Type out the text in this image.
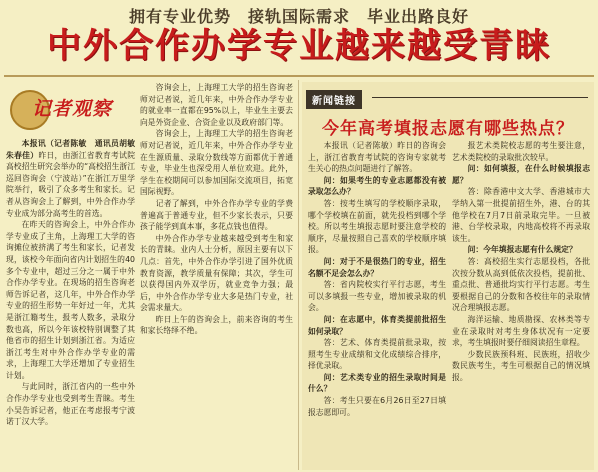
拥有专业优势　接轨国际需求　毕业出路良好
中外合作办学专业越来越受青睐
记者观察

本报讯（记者陈敏　通讯员胡敏 朱春佳）昨日，由浙江省教育考试院高校招生研究会举办的“高校招生浙江巡回咨询会（宁波站）”在浙江万里学院举行，吸引了众多考生和家长。记者从咨询会上了解到，中外合作办学专业成为部分高考生的首选。

在昨天的咨询会上，中外合作办学专业成了主角，上海理工大学的咨询摊位被挤满了考生和家长，记者发现，该校今年面向省内计划招生的40多个专业中，超过三分之一属于中外合作办学专业。在现场的招生咨询老师告诉记者，这几年，中外合作办学专业的招生形势一年好过一年，尤其是浙江籍考生，报考人数多，录取分数也高，所以今年该校特别调整了其他省市的招生计划到浙江省。为适应浙江考生对中外合作办学专业的需求，上海理工大学还增加了专业招生计划。

与此同时，浙江省内的一些中外合作办学专业也受到考生青睐。考生小吴告诉记者，他正在考虑报考宁波诺丁汉大学。

咨询会上，上海理工大学的招生咨询老师对记者说，近几年来，中外合作办学专业的就业率一直都在95%以上，毕业生主要去向是外资企业、合资企业以及政府部门等。

咨询会上，上海理工大学的招生咨询老师对记者说，近几年来，中外合作办学专业在生源质量、录取分数线等方面都优于普通专业，毕业生也深受用人单位欢迎。此外，学生在校期间可以参加国际交流项目，拓宽国际视野。

记者了解到，中外合作办学专业的学费普遍高于普通专业，但不少家长表示，只要孩子能学到真本事，多花点钱也值得。

中外合作办学专业越来越受到考生和家长的青睐。业内人士分析，原因主要有以下几点：首先，中外合作办学引进了国外优质教育资源，教学质量有保障；其次，学生可以获得国内外双学历，就业竞争力强；最后，中外合作办学专业大多是热门专业，社会需求量大。

昨日上午的咨询会上，前来咨询的考生和家长络绎不绝。

新闻链接
今年高考填报志愿有哪些热点？

本报讯（记者陈敏）昨日的咨询会上，浙江省教育考试院的咨询专家就考生关心的热点问题进行了解答。

问：如果考生的专业志愿都没有被录取怎么办？

答：按考生填写的学校顺序录取，哪个学校填在前面，就先投档到哪个学校。所以考生填报志愿时要注意学校的顺序，尽量按照自己喜欢的学校顺序填报。

问：对于不是很热门的专业，招生名额不足会怎么办？

答：省内院校实行平行志愿，考生可以多填报一些专业，增加被录取的机会。

问：在志愿中，体育类提前批招生如何录取？

答：艺术、体育类提前批录取，按照考生专业成绩和文化成绩综合排序，择优录取。

问：艺术类专业的招生录取时间是什么？

答：考生只要在6月26日至27日填报志愿即可。

报艺术类院校志愿的考生要注意，艺术类院校的录取批次较早。

问：如何填报，在什么时候填报志愿？

答：除香港中文大学、香港城市大学纳入第一批提前招生外，港、台的其他学校在7月7日前录取完毕。一旦被港、台学校录取，内地高校将不再录取该生。

问：今年填报志愿有什么规定？

答：高校招生实行志愿投档，各批次按分数从高到低依次投档，提前批、重点批、普通批均实行平行志愿。考生要根据自己的分数和各校往年的录取情况合理填报志愿。

海洋运输、地质勘探、农林类等专业在录取时对考生身体状况有一定要求，考生填报时要仔细阅读招生章程。

少数民族预科班、民族班，招收少数民族考生，考生可根据自己的情况填报。
